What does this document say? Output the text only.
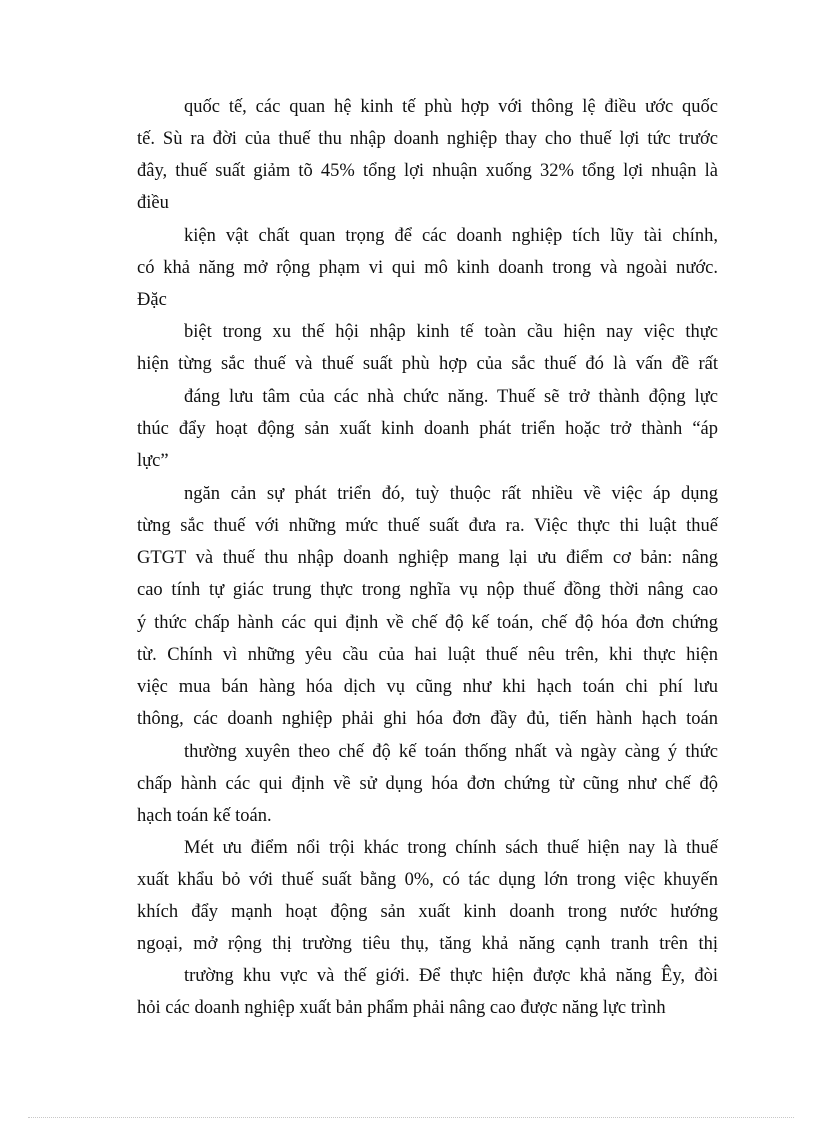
quốc tế, các quan hệ kinh tế phù hợp với thông lệ điều ước quốc
tế. Sù ra đời của thuế thu nhập doanh nghiệp thay cho thuế lợi tức trước
đây, thuế suất giảm tõ 45% tổng lợi nhuận xuống 32% tổng lợi nhuận là
điều
kiện vật chất quan trọng để các doanh nghiệp tích lũy tài chính,
có khả năng mở rộng phạm vi qui mô kinh doanh trong và ngoài nước.
Đặc
biệt trong xu thế hội nhập kinh tế toàn cầu hiện nay việc thực
hiện từng sắc thuế và thuế suất phù hợp của sắc thuế đó là vấn đề rất
đáng lưu tâm của các nhà chức năng. Thuế sẽ trở thành động lực
thúc đẩy hoạt động sản xuất kinh doanh phát triển hoặc trở thành “áp
lực”
ngăn cản sự phát triển đó, tuỳ thuộc rất nhiều về việc áp dụng
từng sắc thuế với những mức thuế suất đưa ra. Việc thực thi luật thuế
GTGT và thuế thu nhập doanh nghiệp mang lại ưu điểm cơ bản: nâng
cao tính tự giác trung thực trong nghĩa vụ nộp thuế đồng thời nâng cao
ý thức chấp hành các qui định về chế độ kế toán, chế độ hóa đơn chứng
từ. Chính vì những yêu cầu của hai luật thuế nêu trên, khi thực hiện
việc mua bán hàng hóa dịch vụ cũng như khi hạch toán chi phí lưu
thông, các doanh nghiệp phải ghi hóa đơn đầy đủ, tiến hành hạch toán
thường xuyên theo chế độ kế toán thống nhất và ngày càng ý thức
chấp hành các qui định về sử dụng hóa đơn chứng từ cũng như chế độ
hạch toán kế toán.
Mét ưu điểm nổi trội khác trong chính sách thuế hiện nay là thuế
xuất khẩu bỏ với thuế suất bằng 0%, có tác dụng lớn trong việc khuyến
khích đẩy mạnh hoạt động sản xuất kinh doanh trong nước hướng
ngoại, mở rộng thị trường tiêu thụ, tăng khả năng cạnh tranh trên thị
trường khu vực và thế giới. Để thực hiện được khả năng Êy, đòi
hỏi các doanh nghiệp xuất bản phẩm phải nâng cao được năng lực trình
